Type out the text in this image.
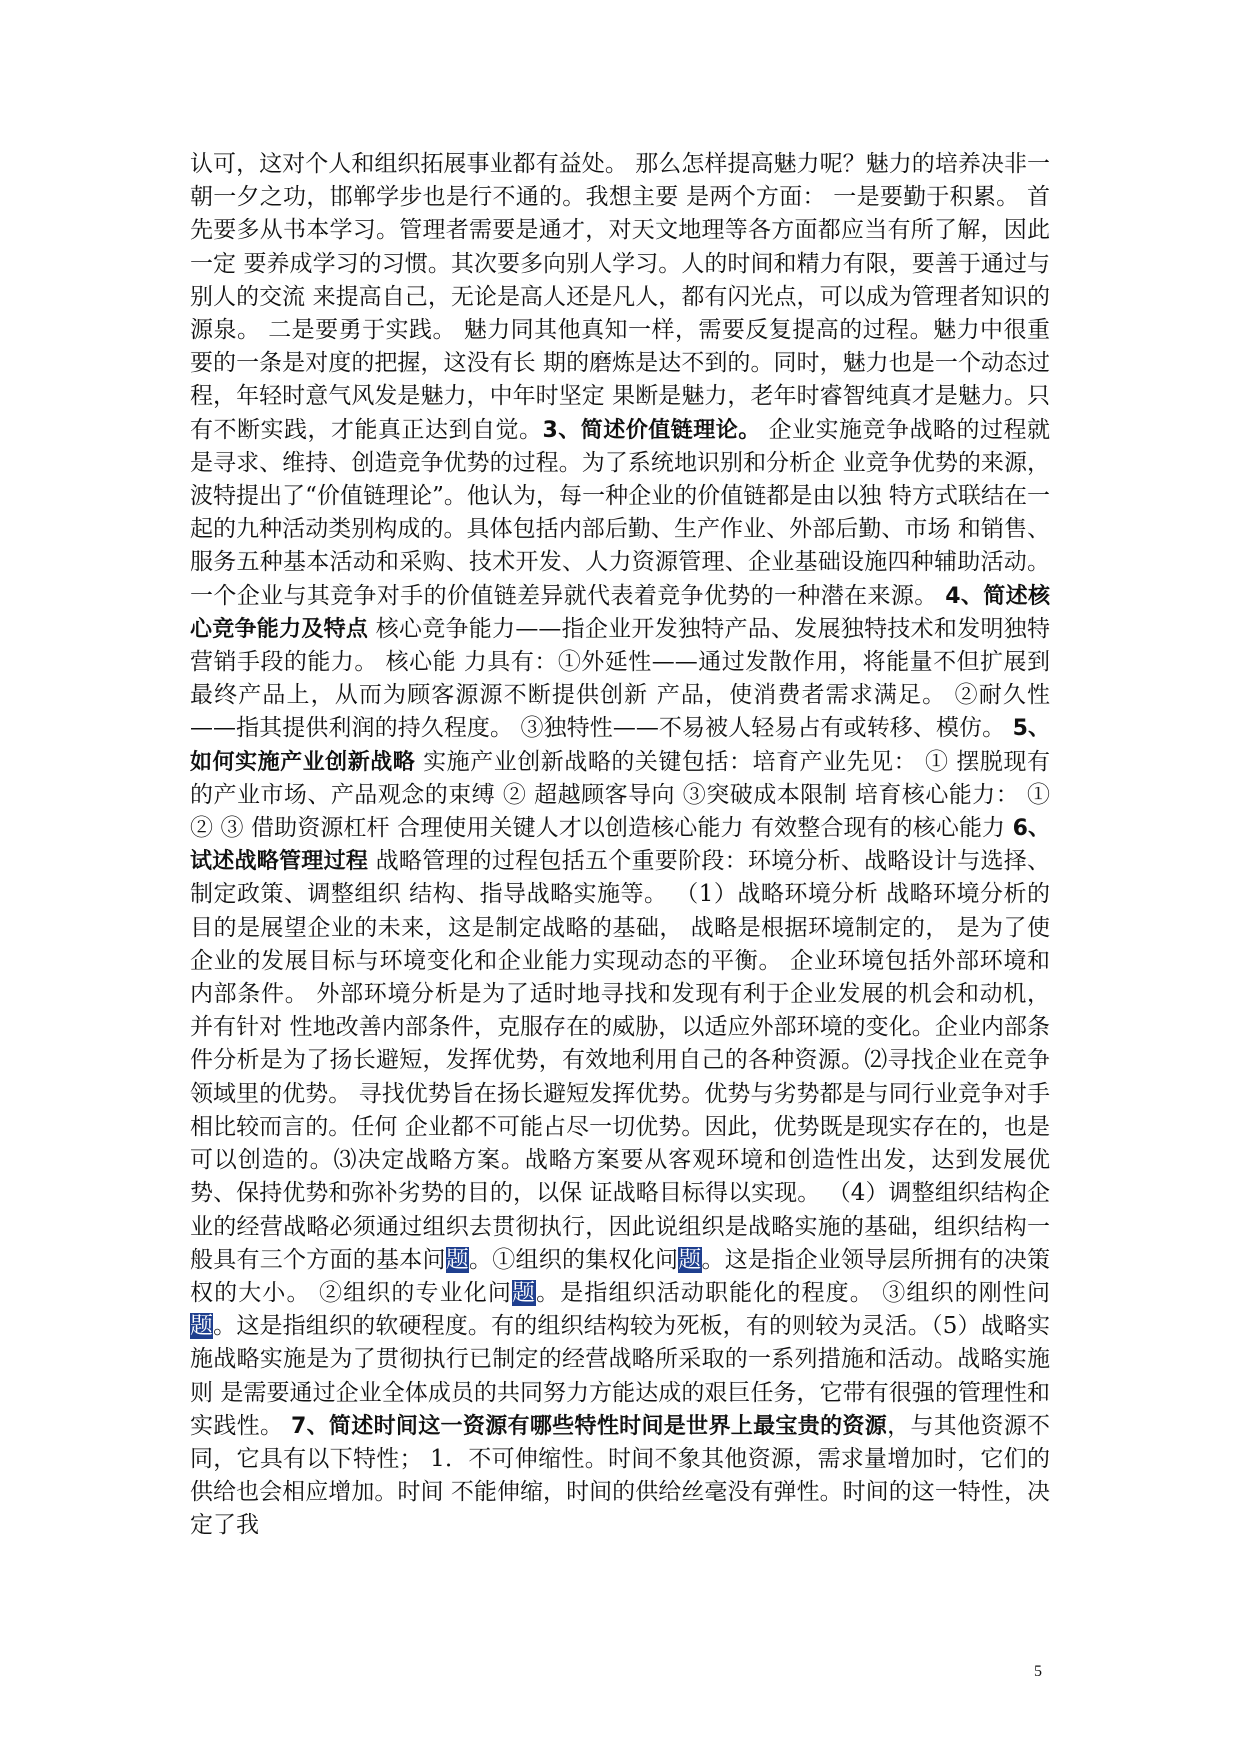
认可，这对个人和组织拓展事业都有益处。 那么怎样提高魅力呢？魅力的培养决非一朝一夕之功，邯郸学步也是行不通的。我想主要 是两个方面： 一是要勤于积累。 首先要多从书本学习。管理者需要是通才，对天文地理等各方面都应当有所了解，因此一定 要养成学习的习惯。其次要多向别人学习。人的时间和精力有限，要善于通过与别人的交流 来提高自己，无论是高人还是凡人，都有闪光点，可以成为管理者知识的源泉。 二是要勇于实践。 魅力同其他真知一样，需要反复提高的过程。魅力中很重要的一条是对度的把握，这没有长 期的磨炼是达不到的。同时，魅力也是一个动态过程，年轻时意气风发是魅力，中年时坚定 果断是魅力，老年时睿智纯真才是魅力。只有不断实践，才能真正达到自觉。3、简述价值链理论。 企业实施竞争战略的过程就是寻求、维持、创造竞争优势的过程。为了系统地识别和分析企 业竞争优势的来源，波特提出了“价值链理论”。他认为，每一种企业的价值链都是由以独 特方式联结在一起的九种活动类别构成的。具体包括内部后勤、生产作业、外部后勤、市场 和销售、 服务五种基本活动和采购、技术开发、人力资源管理、企业基础设施四种辅助活动。一个企业与其竞争对手的价值链差异就代表着竞争优势的一种潜在来源。 4、简述核心竞争能力及特点 核心竞争能力——指企业开发独特产品、发展独特技术和发明独特营销手段的能力。 核心能 力具有：①外延性——通过发散作用，将能量不但扩展到最终产品上，从而为顾客源源不断提供创新 产品，使消费者需求满足。 ②耐久性——指其提供利润的持久程度。 ③独特性——不易被人轻易占有或转移、模仿。 5、如何实施产业创新战略 实施产业创新战略的关键包括：培育产业先见： ① 摆脱现有的产业市场、产品观念的束缚 ② 超越顾客导向 ③突破成本限制 培育核心能力： ① ② ③ 借助资源杠杆 合理使用关键人才以创造核心能力 有效整合现有的核心能力 6、试述战略管理过程 战略管理的过程包括五个重要阶段：环境分析、战略设计与选择、制定政策、调整组织 结构、指导战略实施等。 （1）战略环境分析 战略环境分析的目的是展望企业的未来，这是制定战略的基础， 战略是根据环境制定的， 是为了使企业的发展目标与环境变化和企业能力实现动态的平衡。 企业环境包括外部环境和 内部条件。 外部环境分析是为了适时地寻找和发现有利于企业发展的机会和动机， 并有针对 性地改善内部条件，克服存在的威胁，以适应外部环境的变化。企业内部条件分析是为了扬长避短，发挥优势，有效地利用自己的各种资源。⑵寻找企业在竞争领域里的优势。 寻找优势旨在扬长避短发挥优势。优势与劣势都是与同行业竞争对手相比较而言的。任何 企业都不可能占尽一切优势。因此，优势既是现实存在的，也是可以创造的。⑶决定战略方案。战略方案要从客观环境和创造性出发，达到发展优势、保持优势和弥补劣势的目的，以保 证战略目标得以实现。 （4）调整组织结构企业的经营战略必须通过组织去贯彻执行，因此说组织是战略实施的基础，组织结构一般具有三个方面的基本问题。①组织的集权化问题。这是指企业领导层所拥有的决策权的大小。 ②组织的专业化问题。是指组织活动职能化的程度。 ③组织的刚性问题。这是指组织的软硬程度。有的组织结构较为死板，有的则较为灵活。（5）战略实施战略实施是为了贯彻执行已制定的经营战略所采取的一系列措施和活动。战略实施则 是需要通过企业全体成员的共同努力方能达成的艰巨任务，它带有很强的管理性和实践性。 7、简述时间这一资源有哪些特性时间是世界上最宝贵的资源，与其他资源不同，它具有以下特性； 1．不可伸缩性。时间不象其他资源，需求量增加时，它们的供给也会相应增加。时间 不能伸缩，时间的供给丝毫没有弹性。时间的这一特性，决定了我

5
